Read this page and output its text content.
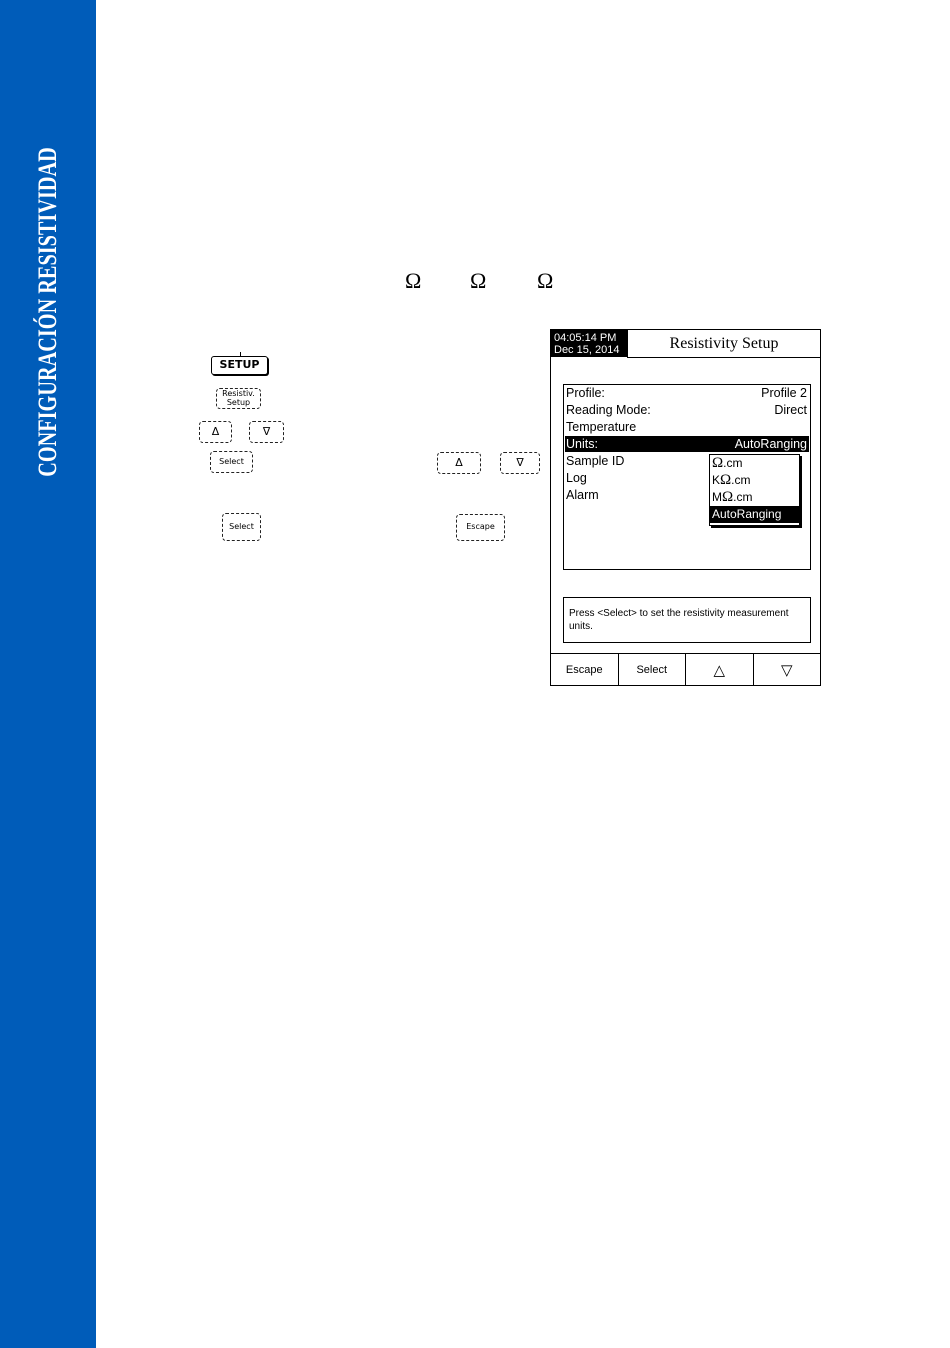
CONFIGURACIÓN RESISTIVIDAD	Ω Ω Ω
SETUP
Resistiv.
Setup
Δ	∇
Select	Δ	∇
Select	Escape
04:05:14 PM
Dec 15, 2014	Resistivity Setup
Profile:	Profile 2
Reading Mode:	Direct
Temperature
Units:	AutoRanging
Sample ID
Log
Alarm
Ω.cm
KΩ.cm
MΩ.cm
AutoRanging
Press <Select> to set the resistivity measurement units.
Escape	Select	△	▽
